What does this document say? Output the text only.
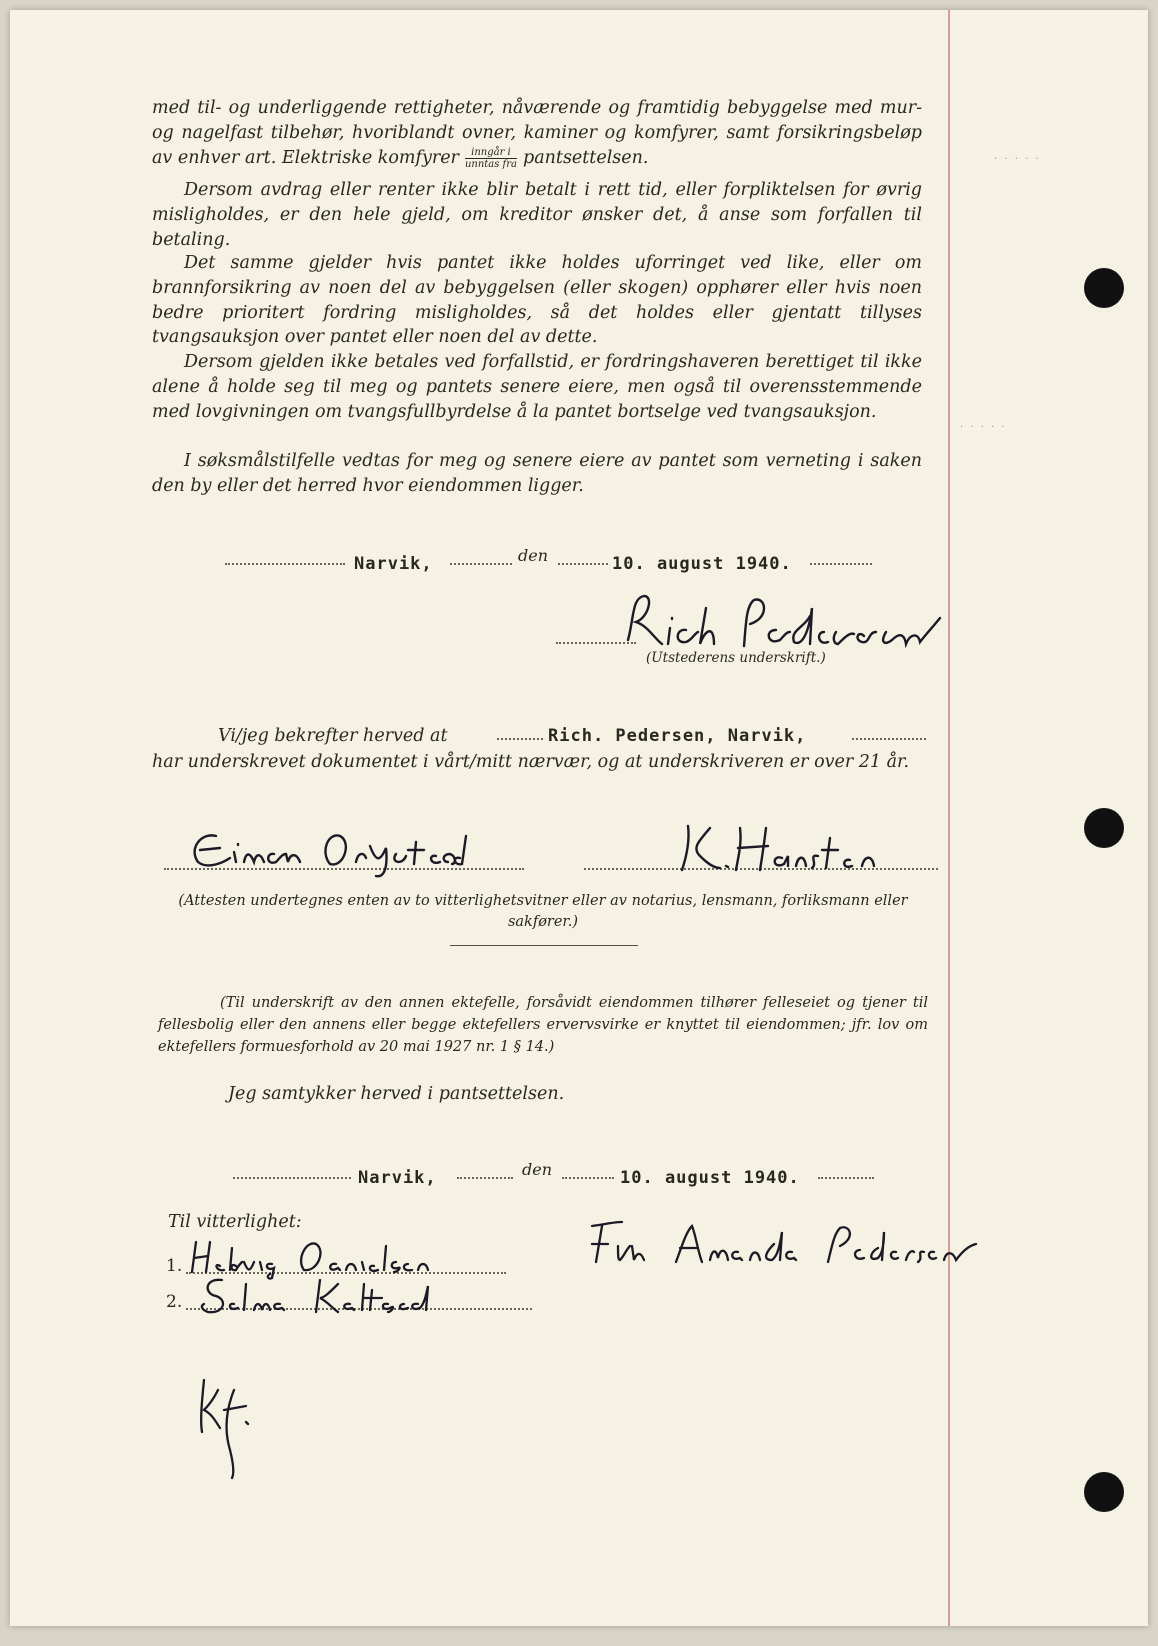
· · · · ·
· · · · ·

med til- og underliggende rettigheter, nåværende og framtidig bebyggelse med mur- og nagelfast tilbehør, hvoriblandt ovner, kaminer og komfyrer, samt forsikringsbeløp av enhver art. Elektriske komfyrer $\frac{\text{inngår i}}{\text{unntas fra}}$ pantsettelsen.

Dersom avdrag eller renter ikke blir betalt i rett tid, eller forpliktelsen for øvrig misligholdes, er den hele gjeld, om kreditor ønsker det, å anse som forfallen til betaling.

Det samme gjelder hvis pantet ikke holdes uforringet ved like, eller om brannforsikring av noen del av bebyggelsen (eller skogen) opphører eller hvis noen bedre prioritert fordring misligholdes, så det holdes eller gjentatt tillyses tvangsauksjon over pantet eller noen del av dette.

Dersom gjelden ikke betales ved forfallstid, er fordringshaveren berettiget til ikke alene å holde seg til meg og pantets senere eiere, men også til overensstemmende med lovgivningen om tvangsfullbyrdelse å la pantet bortselge ved tvangsauksjon.

I søksmålstilfelle vedtas for meg og senere eiere av pantet som verneting i saken den by eller det herred hvor eiendommen ligger.

Narvik,	den	10. august 1940.
(Utstederens underskrift.)
Vi/jeg bekrefter herved at	Rich. Pedersen, Narvik,

har underskrevet dokumentet i vårt/mitt nærvær, og at underskriveren er over 21 år.

(Attesten undertegnes enten av to vitterlighetsvitner eller av notarius, lensmann, forliksmann eller sakfører.)

(Til underskrift av den annen ektefelle, forsåvidt eiendommen tilhører felleseiet og tjener til fellesbolig eller den annens eller begge ektefellers ervervsvirke er knyttet til eiendommen; jfr. lov om ektefellers formuesforhold av 20 mai 1927 nr. 1 § 14.)

Jeg samtykker herved i pantsettelsen.
Narvik,	den	10. august 1940.
Til vitterlighet:
1.
2.
